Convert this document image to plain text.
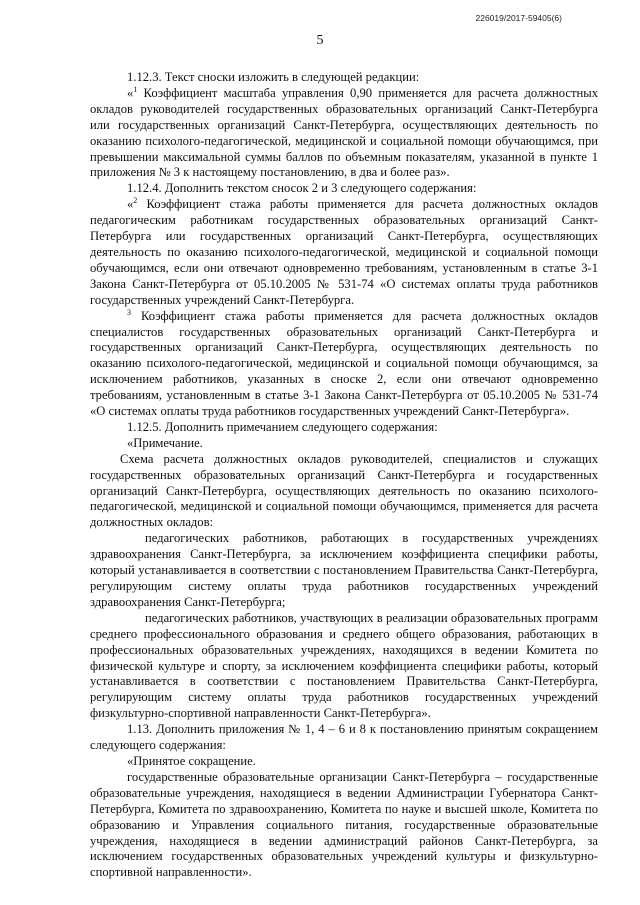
226019/2017-59405(6)
5

1.12.3. Текст сноски изложить в следующей редакции:

«$^1$ Коэффициент масштаба управления 0,90 применяется для расчета должностных окладов руководителей государственных образовательных организаций Санкт-Петербурга или государственных организаций Санкт-Петербурга, осуществляющих деятельность по оказанию психолого-педагогической, медицинской и социальной помощи обучающимся, при превышении максимальной суммы баллов по объемным показателям, указанной в пункте 1 приложения № 3 к настоящему постановлению, в два и более раз».

1.12.4. Дополнить текстом сносок 2 и 3 следующего содержания:

«$^2$ Коэффициент стажа работы применяется для расчета должностных окладов педагогическим работникам государственных образовательных организаций Санкт-Петербурга или государственных организаций Санкт-Петербурга, осуществляющих деятельность по оказанию психолого-педагогической, медицинской и социальной помощи обучающимся, если они отвечают одновременно требованиям, установленным в статье 3-1 Закона Санкт-Петербурга от 05.10.2005 № 531-74 «О системах оплаты труда работников государственных учреждений Санкт-Петербурга.

$^3$ Коэффициент стажа работы применяется для расчета должностных окладов специалистов государственных образовательных организаций Санкт-Петербурга и государственных организаций Санкт-Петербурга, осуществляющих деятельность по оказанию психолого-педагогической, медицинской и социальной помощи обучающимся, за исключением работников, указанных в сноске 2, если они отвечают одновременно требованиям, установленным в статье 3-1 Закона Санкт-Петербурга от 05.10.2005 № 531-74 «О системах оплаты труда работников государственных учреждений Санкт-Петербурга».

1.12.5. Дополнить примечанием следующего содержания:

«Примечание.

Схема расчета должностных окладов руководителей, специалистов и служащих государственных образовательных организаций Санкт-Петербурга и государственных организаций Санкт-Петербурга, осуществляющих деятельность по оказанию психолого-педагогической, медицинской и социальной помощи обучающимся, применяется для расчета должностных окладов:

педагогических работников, работающих в государственных учреждениях здравоохранения Санкт-Петербурга, за исключением коэффициента специфики работы, который устанавливается в соответствии с постановлением Правительства Санкт-Петербурга, регулирующим систему оплаты труда работников государственных учреждений здравоохранения Санкт-Петербурга;

педагогических работников, участвующих в реализации образовательных программ среднего профессионального образования и среднего общего образования, работающих в профессиональных образовательных учреждениях, находящихся в ведении Комитета по физической культуре и спорту, за исключением коэффициента специфики работы, который устанавливается в соответствии с постановлением Правительства Санкт-Петербурга, регулирующим систему оплаты труда работников государственных учреждений физкультурно-спортивной направленности Санкт-Петербурга».

1.13. Дополнить приложения № 1, 4 – 6 и 8 к постановлению принятым сокращением следующего содержания:

«Принятое сокращение.

государственные образовательные организации Санкт-Петербурга – государственные образовательные учреждения, находящиеся в ведении Администрации Губернатора Санкт-Петербурга, Комитета по здравоохранению, Комитета по науке и высшей школе, Комитета по образованию и Управления социального питания, государственные образовательные учреждения, находящиеся в ведении администраций районов Санкт-Петербурга, за исключением государственных образовательных учреждений культуры и физкультурно-спортивной направленности».
